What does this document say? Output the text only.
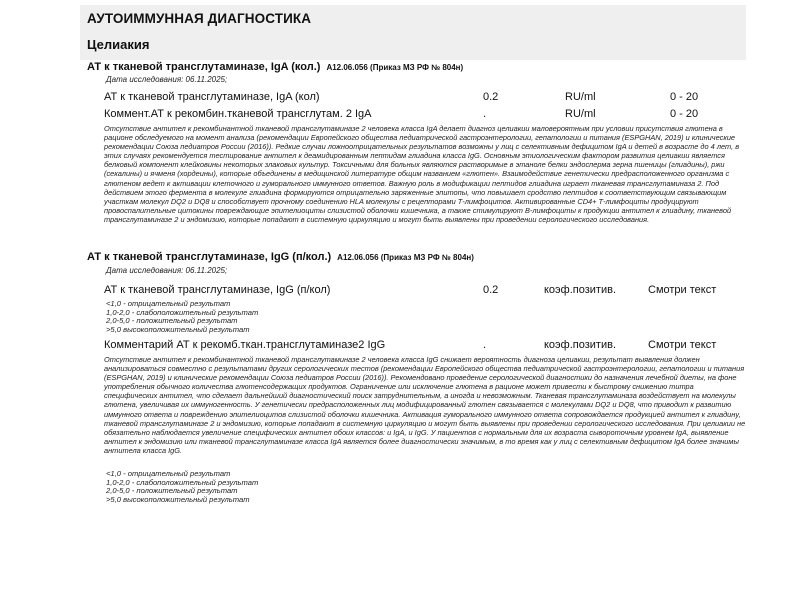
АУТОИММУННАЯ ДИАГНОСТИКА
Целиакия
АТ к тканевой трансглутаминазе, IgA (кол.) A12.06.056 (Приказ МЗ РФ № 804н)
Дата исследования: 06.11.2025;
АТ к тканевой трансглутаминазе, IgA (кол)	0.2	RU/ml	0 - 20
Коммент.АТ к рекомбин.тканевой трансглутам. 2 IgA	.	RU/ml	0 - 20

Отсутствие антител к рекомбинантной тканевой трансглутаминазе 2 человека класса IgA делает диагноз целиакии маловероятным при условии присутствия глютена в рационе обследуемого на момент анализа (рекомендации Европейского общества педиатрической гастроэнтерологии, гепатологии и питания (ESPGHAN, 2019) и клинические рекомендации Союза педиатров России (2016)). Редкие случаи ложноотрицательных результатов возможны у лиц с селективным дефицитом IgA и детей в возрасте до 4 лет, в этих случаях рекомендуется тестирование антител к деамидированным пептидам глиадина класса IgG. Основным этиологическим фактором развития целиакии является белковый компонент клейковины некоторых злаковых культур. Токсичными для больных являются растворимые в этаноле белки эндосперма зерна пшеницы (глиадины), ржи (секалины) и ячменя (хордеины), которые объединены в медицинской литературе общим названием «глютен». Взаимодействие генетически предрасположенного организма с глютеном ведет к активации клеточного и гуморального иммунного ответов. Важную роль в модификации пептидов глиадина играет тканевая трансглутаминаза 2. Под действием этого фермента в молекуле глиадина формируются отрицательно заряженные эпитопы, что повышает сродство пептидов к соответствующим связывающим участкам молекул DQ2 и DQ8 и способствует прочному соединению HLA молекулы с рецепторами Т-лимфоцитов. Активированные CD4+ Т-лимфоциты продуцируют провоспалительные цитокины повреждающие эпителиоциты слизистой оболочки кишечника, а также стимулируют В-лимфоциты к продукции антител к глиадину, тканевой трансглутаминазе 2 и эндомизию, которые попадают в системную циркуляцию и могут быть выявлены при проведении серологического исследования.

АТ к тканевой трансглутаминазе, IgG (п/кол.) A12.06.056 (Приказ МЗ РФ № 804н)
Дата исследования: 06.11.2025;
АТ к тканевой трансглутаминазе, IgG (п/кол)	0.2	коэф.позитив.	Смотри текст
<1,0 - отрицательный результат
1,0-2,0 - слабоположительный результат
2,0-5,0 - положительный результат
>5,0 высокоположительный результат
Комментарий АТ к рекомб.ткан.трансглутаминазе2 IgG	.	коэф.позитив.	Смотри текст

Отсутствие антител к рекомбинантной тканевой трансглутаминазе 2 человека класса IgG снижает вероятность диагноза целиакии, результат выявления должен анализироваться совместно с результатами других серологических тестов (рекомендации Европейского общества педиатрической гастроэнтерологии, гепатологии и питания (ESPGHAN, 2019) и клинические рекомендации Союза педиатров России (2016)). Рекомендовано проведение серологической диагностики до назначения лечебной диеты, на фоне употребления обычного количества глютенсодержащих продуктов. Ограничение или исключение глютена в рационе может привести к быстрому снижению титра специфических антител, что сделает дальнейший диагностический поиск затруднительным, а иногда и невозможным. Тканевая трансглутаминаза воздействует на молекулы глютена, увеличивая их иммуногенность. У генетически предрасположенных лиц модифицированный глютен связывается с молекулами DQ2 и DQ8, что приводит к развитию иммунного ответа и повреждению эпителиоцитов слизистой оболочки кишечника. Активация гуморального иммунного ответа сопровождается продукцией антител к глиадину, тканевой трансглутаминазе 2 и эндомизию, которые попадают в системную циркуляцию и могут быть выявлены при проведении серологического исследования. При целиакии не обязательно наблюдается увеличение специфических антител обоих классов: и IgA, и IgG. У пациентов с нормальным для их возраста сывороточным уровнем IgA, выявление антител к эндомизию или тканевой трансглутаминазе класса IgA является более диагностически значимым, в то время как у лиц с селективным дефицитом IgA более значимы антитела класса IgG.

<1,0 - отрицательный результат
1,0-2,0 - слабоположительный результат
2,0-5,0 - положительный результат
>5,0 высокоположительный результат
